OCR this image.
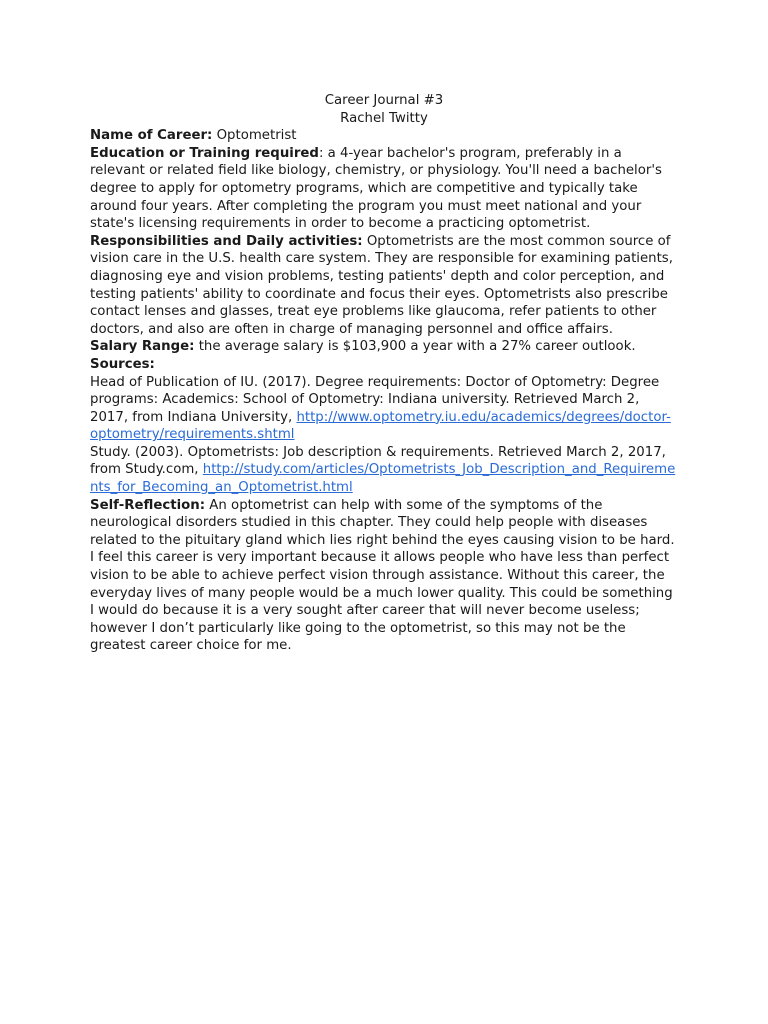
Career Journal #3
Rachel Twitty

Name of Career: Optometrist

Education or Training required: a 4-year bachelor's program, preferably in a relevant or related field like biology, chemistry, or physiology. You'll need a bachelor's degree to apply for optometry programs, which are competitive and typically take around four years. After completing the program you must meet national and your state's licensing requirements in order to become a practicing optometrist.

Responsibilities and Daily activities: Optometrists are the most common source of vision care in the U.S. health care system. They are responsible for examining patients, diagnosing eye and vision problems, testing patients' depth and color perception, and testing patients' ability to coordinate and focus their eyes. Optometrists also prescribe contact lenses and glasses, treat eye problems like glaucoma, refer patients to other doctors, and also are often in charge of managing personnel and office affairs.

Salary Range: the average salary is $103,900 a year with a 27% career outlook.

Sources:

Head of Publication of IU. (2017). Degree requirements: Doctor of Optometry: Degree programs: Academics: School of Optometry: Indiana university. Retrieved March 2, 2017, from Indiana University, http://www.optometry.iu.edu/academics/degrees/doctor-optometry/requirements.shtml

Study. (2003). Optometrists: Job description & requirements. Retrieved March 2, 2017, from Study.com, http://study.com/articles/Optometrists_Job_Description_and_Requirements_for_Becoming_an_Optometrist.html

Self-Reflection: An optometrist can help with some of the symptoms of the neurological disorders studied in this chapter. They could help people with diseases related to the pituitary gland which lies right behind the eyes causing vision to be hard. I feel this career is very important because it allows people who have less than perfect vision to be able to achieve perfect vision through assistance. Without this career, the everyday lives of many people would be a much lower quality. This could be something I would do because it is a very sought after career that will never become useless; however I don’t particularly like going to the optometrist, so this may not be the greatest career choice for me.
